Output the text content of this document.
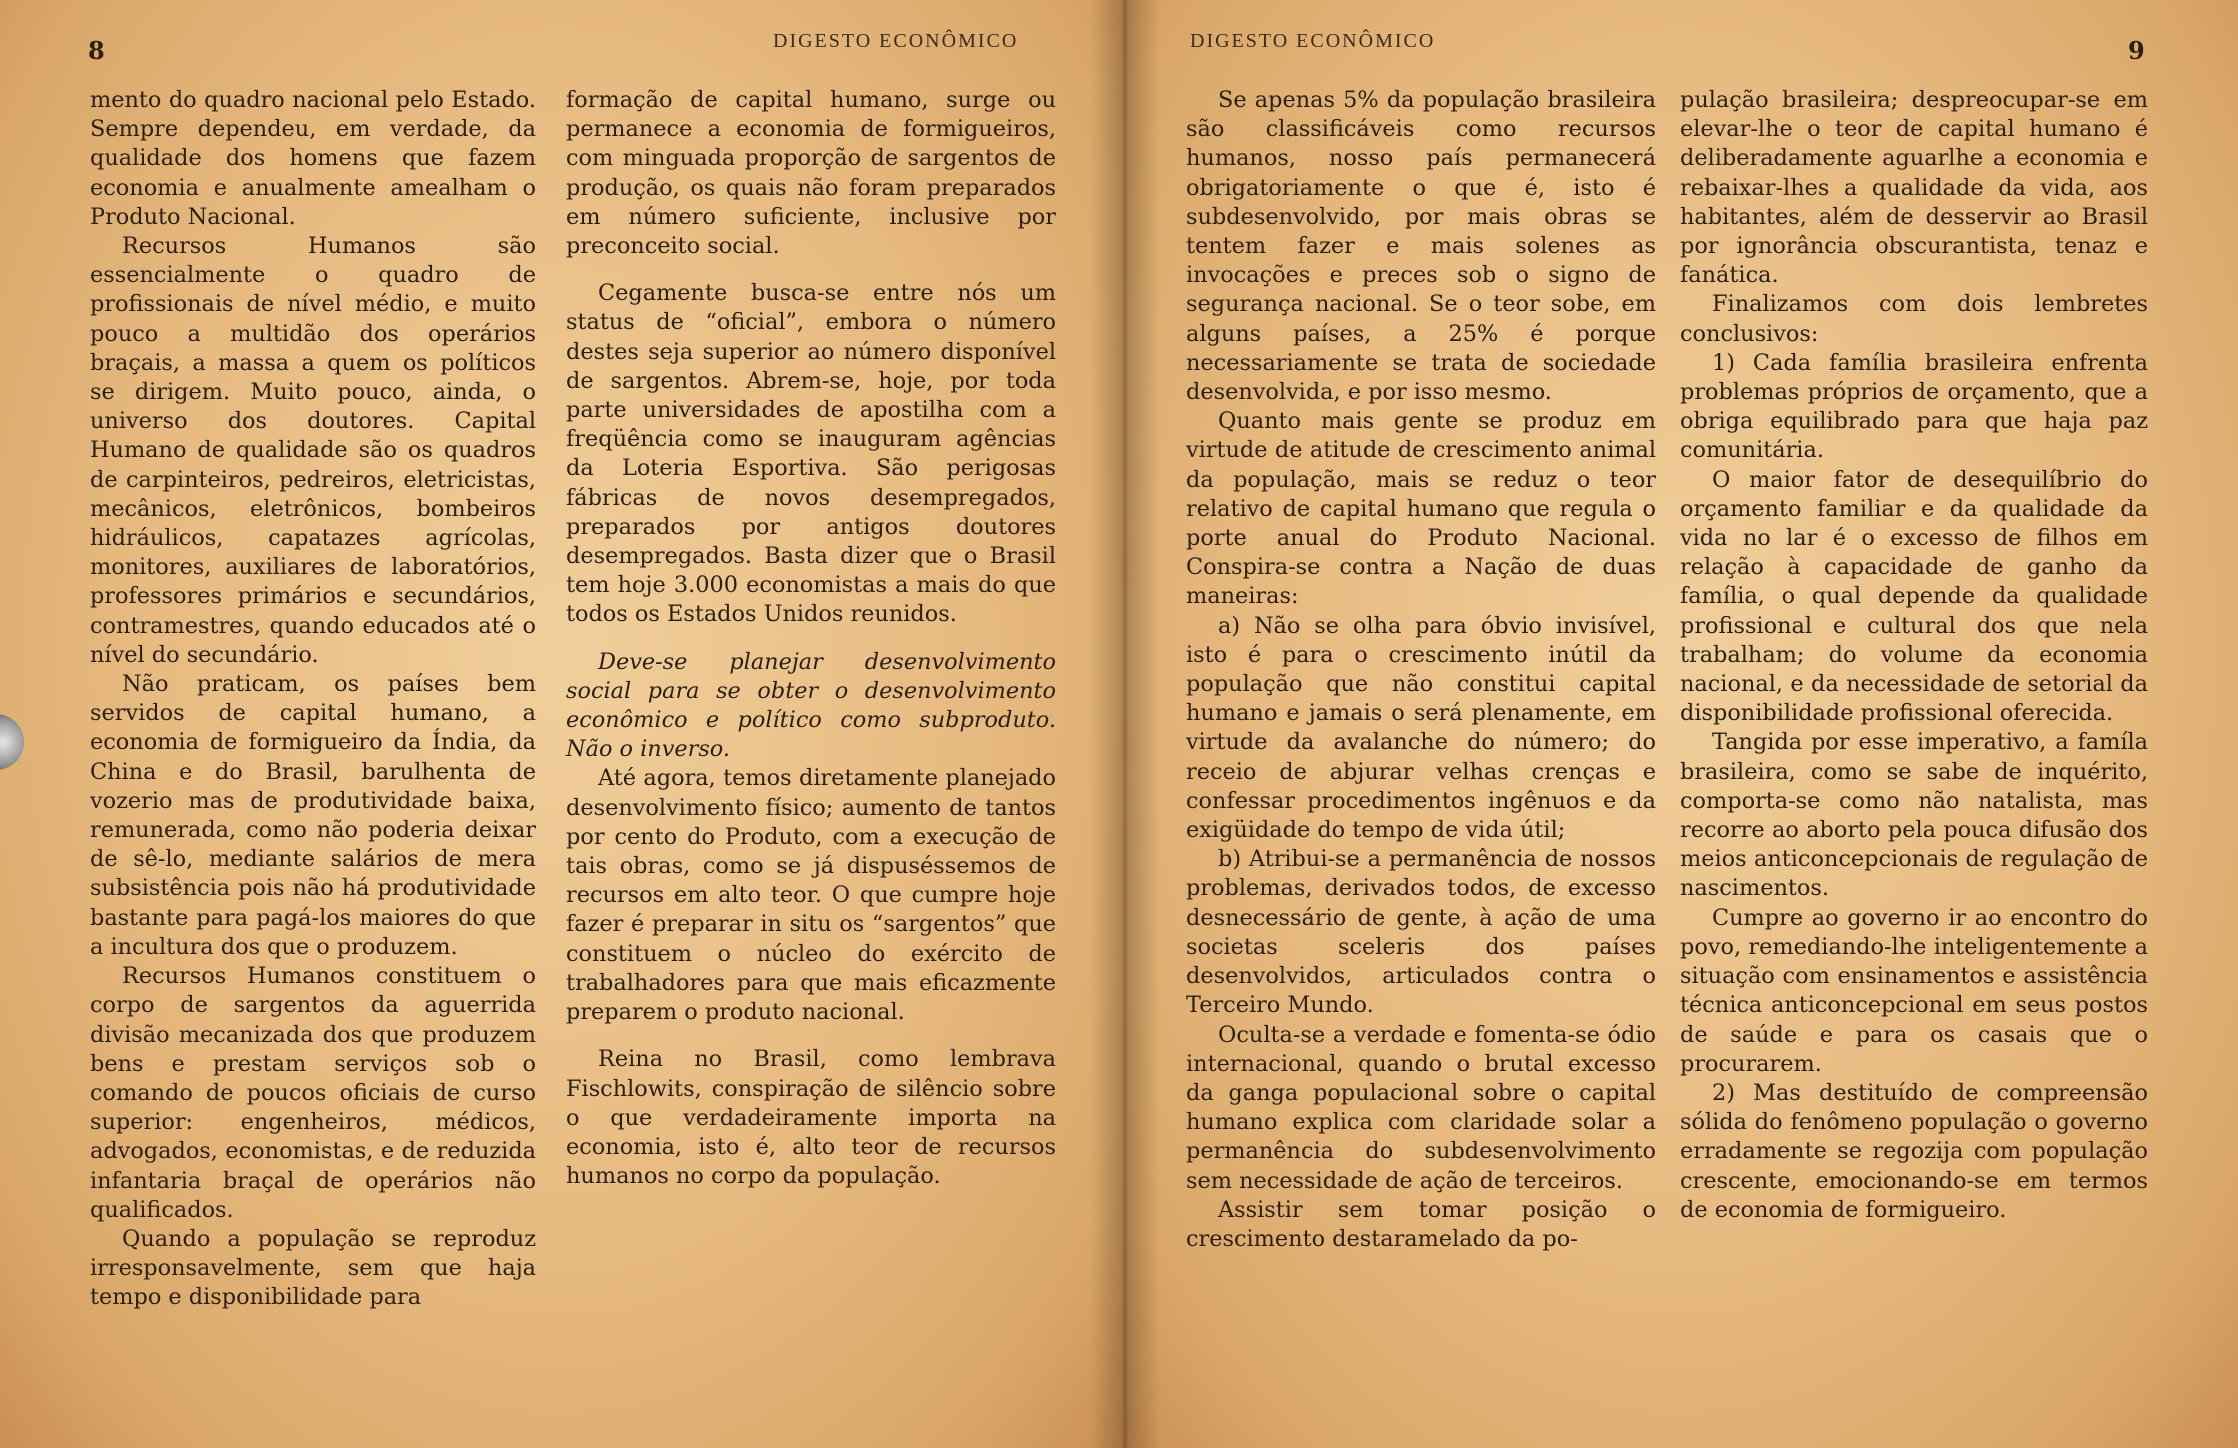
8	DIGESTO ECONÔMICO

mento do quadro nacional pelo Estado. Sempre dependeu, em verdade, da qualidade dos homens que fazem economia e anualmente amealham o Produto Nacional.

Recursos Humanos são essencialmente o quadro de profissionais de nível médio, e muito pouco a multidão dos operários braçais, a massa a quem os políticos se dirigem. Muito pouco, ainda, o universo dos doutores. Capital Humano de qualidade são os quadros de carpinteiros, pedreiros, eletricistas, mecânicos, eletrônicos, bombeiros hidráulicos, capatazes agrícolas, monitores, auxiliares de laboratórios, professores primários e secundários, contramestres, quando educados até o nível do secundário.

Não praticam, os países bem servidos de capital humano, a economia de formigueiro da Índia, da China e do Brasil, barulhenta de vozerio mas de produtividade baixa, remunerada, como não poderia deixar de sê-lo, mediante salários de mera subsistência pois não há produtividade bastante para pagá-los maiores do que a incultura dos que o produzem.

Recursos Humanos constituem o corpo de sargentos da aguerrida divisão mecanizada dos que produzem bens e prestam serviços sob o comando de poucos oficiais de curso superior: engenheiros, médicos, advogados, economistas, e de reduzida infantaria braçal de operários não qualificados.

Quando a população se reproduz irresponsavelmente, sem que haja tempo e disponibilidade para

formação de capital humano, surge ou permanece a economia de formigueiros, com minguada proporção de sargentos de produção, os quais não foram preparados em número suficiente, inclusive por preconceito social.

Cegamente busca-se entre nós um status de “oficial”, embora o número destes seja superior ao número disponível de sargentos. Abrem-se, hoje, por toda parte universidades de apostilha com a freqüência como se inauguram agências da Loteria Esportiva. São perigosas fábricas de novos desempregados, preparados por antigos doutores desempregados. Basta dizer que o Brasil tem hoje 3.000 economistas a mais do que todos os Estados Unidos reunidos.

Deve-se planejar desenvolvimento social para se obter o desenvolvimento econômico e político como subproduto. Não o inverso.

Até agora, temos diretamente planejado desenvolvimento físico; aumento de tantos por cento do Produto, com a execução de tais obras, como se já dispuséssemos de recursos em alto teor. O que cumpre hoje fazer é preparar in situ os “sargentos” que constituem o núcleo do exército de trabalhadores para que mais eficazmente preparem o produto nacional.

Reina no Brasil, como lembrava Fischlowits, conspiração de silêncio sobre o que verdadeiramente importa na economia, isto é, alto teor de recursos humanos no corpo da população.

9
DIGESTO ECONÔMICO

Se apenas 5% da população brasileira são classificáveis como recursos humanos, nosso país permanecerá obrigatoriamente o que é, isto é subdesenvolvido, por mais obras se tentem fazer e mais solenes as invocações e preces sob o signo de segurança nacional. Se o teor sobe, em alguns países, a 25% é porque necessariamente se trata de sociedade desenvolvida, e por isso mesmo.

Quanto mais gente se produz em virtude de atitude de crescimento animal da população, mais se reduz o teor relativo de capital humano que regula o porte anual do Produto Nacional. Conspira-se contra a Nação de duas maneiras:

a) Não se olha para óbvio invisível, isto é para o crescimento inútil da população que não constitui capital humano e jamais o será plenamente, em virtude da avalanche do número; do receio de abjurar velhas crenças e confessar procedimentos ingênuos e da exigüidade do tempo de vida útil;

b) Atribui-se a permanência de nossos problemas, derivados todos, de excesso desnecessário de gente, à ação de uma societas sceleris dos países desenvolvidos, articulados contra o Terceiro Mundo.

Oculta-se a verdade e fomenta-se ódio internacional, quando o brutal excesso da ganga populacional sobre o capital humano explica com claridade solar a permanência do subdesenvolvimento sem necessidade de ação de terceiros.

Assistir sem tomar posição o crescimento destaramelado da po-

pulação brasileira; despreocupar-se em elevar-lhe o teor de capital humano é deliberadamente aguarlhe a economia e rebaixar-lhes a qualidade da vida, aos habitantes, além de desservir ao Brasil por ignorância obscurantista, tenaz e fanática.

Finalizamos com dois lembretes conclusivos:

1) Cada família brasileira enfrenta problemas próprios de orçamento, que a obriga equilibrado para que haja paz comunitária.

O maior fator de desequilíbrio do orçamento familiar e da qualidade da vida no lar é o excesso de filhos em relação à capacidade de ganho da família, o qual depende da qualidade profissional e cultural dos que nela trabalham; do volume da economia nacional, e da necessidade de setorial da disponibilidade profissional oferecida.

Tangida por esse imperativo, a famíla brasileira, como se sabe de inquérito, comporta-se como não natalista, mas recorre ao aborto pela pouca difusão dos meios anticoncepcionais de regulação de nascimentos.

Cumpre ao governo ir ao encontro do povo, remediando-lhe inteligentemente a situação com ensinamentos e assistência técnica anticoncepcional em seus postos de saúde e para os casais que o procurarem.

2) Mas destituído de compreensão sólida do fenômeno população o governo erradamente se regozija com população crescente, emocionando-se em termos de economia de formigueiro.
